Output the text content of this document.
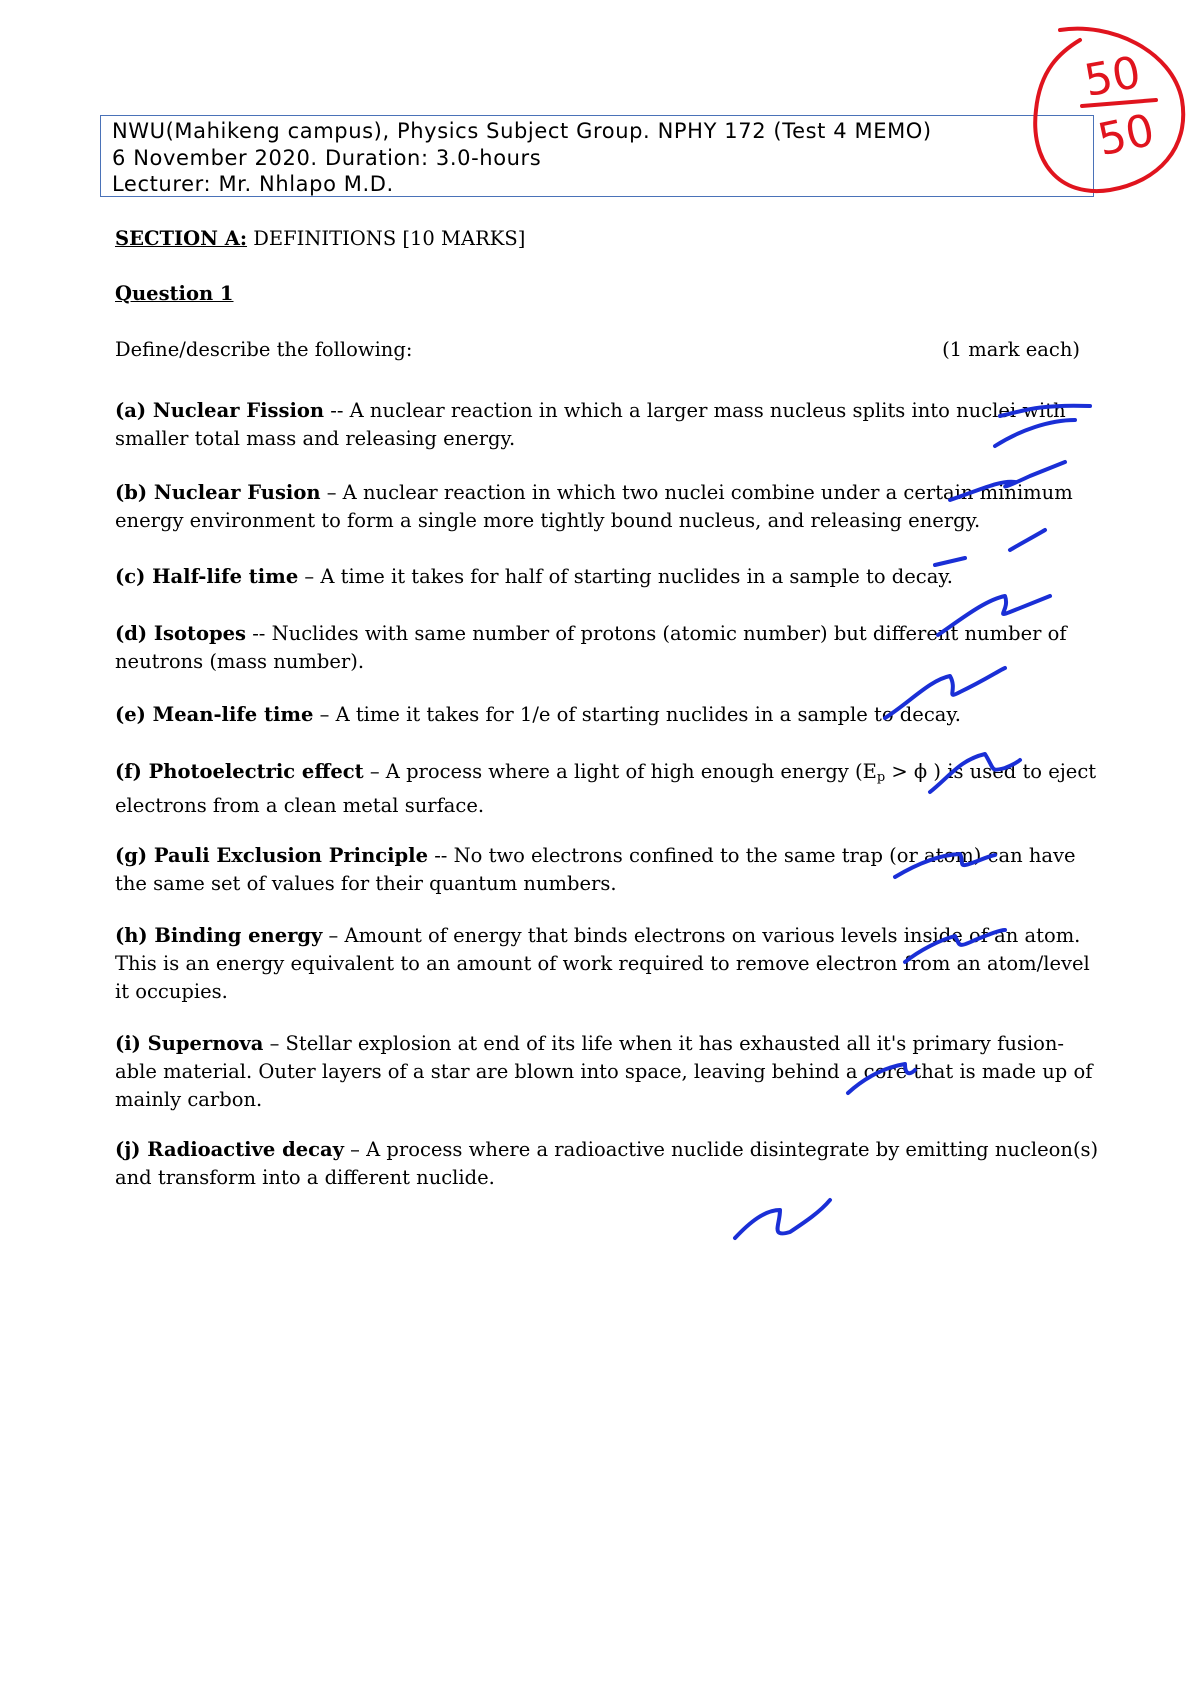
NWU(Mahikeng campus), Physics Subject Group. NPHY 172 (Test 4 MEMO)
6 November 2020. Duration: 3.0-hours
Lecturer: Mr. Nhlapo M.D.
SECTION A: DEFINITIONS [10 MARKS]
Question 1
Define/describe the following:	(1 mark each)
(a) Nuclear Fission -- A nuclear reaction in which a larger mass nucleus splits into nuclei with smaller total mass and releasing energy.
(b) Nuclear Fusion – A nuclear reaction in which two nuclei combine under a certain minimum energy environment to form a single more tightly bound nucleus, and releasing energy.
(c) Half-life time – A time it takes for half of starting nuclides in a sample to decay.
(d) Isotopes -- Nuclides with same number of protons (atomic number) but different number of neutrons (mass number).
(e) Mean-life time – A time it takes for 1/e of starting nuclides in a sample to decay.
(f) Photoelectric effect – A process where a light of high enough energy ($E_p > \phi$ ) is used to eject electrons from a clean metal surface.
(g) Pauli Exclusion Principle -- No two electrons confined to the same trap (or atom) can have the same set of values for their quantum numbers.
(h) Binding energy – Amount of energy that binds electrons on various levels inside of an atom. This is an energy equivalent to an amount of work required to remove electron from an atom/level it occupies.
(i) Supernova – Stellar explosion at end of its life when it has exhausted all it's primary fusion-able material. Outer layers of a star are blown into space, leaving behind a core that is made up of mainly carbon.
(j) Radioactive decay – A process where a radioactive nuclide disintegrate by emitting nucleon(s) and transform into a different nuclide.
50
50
